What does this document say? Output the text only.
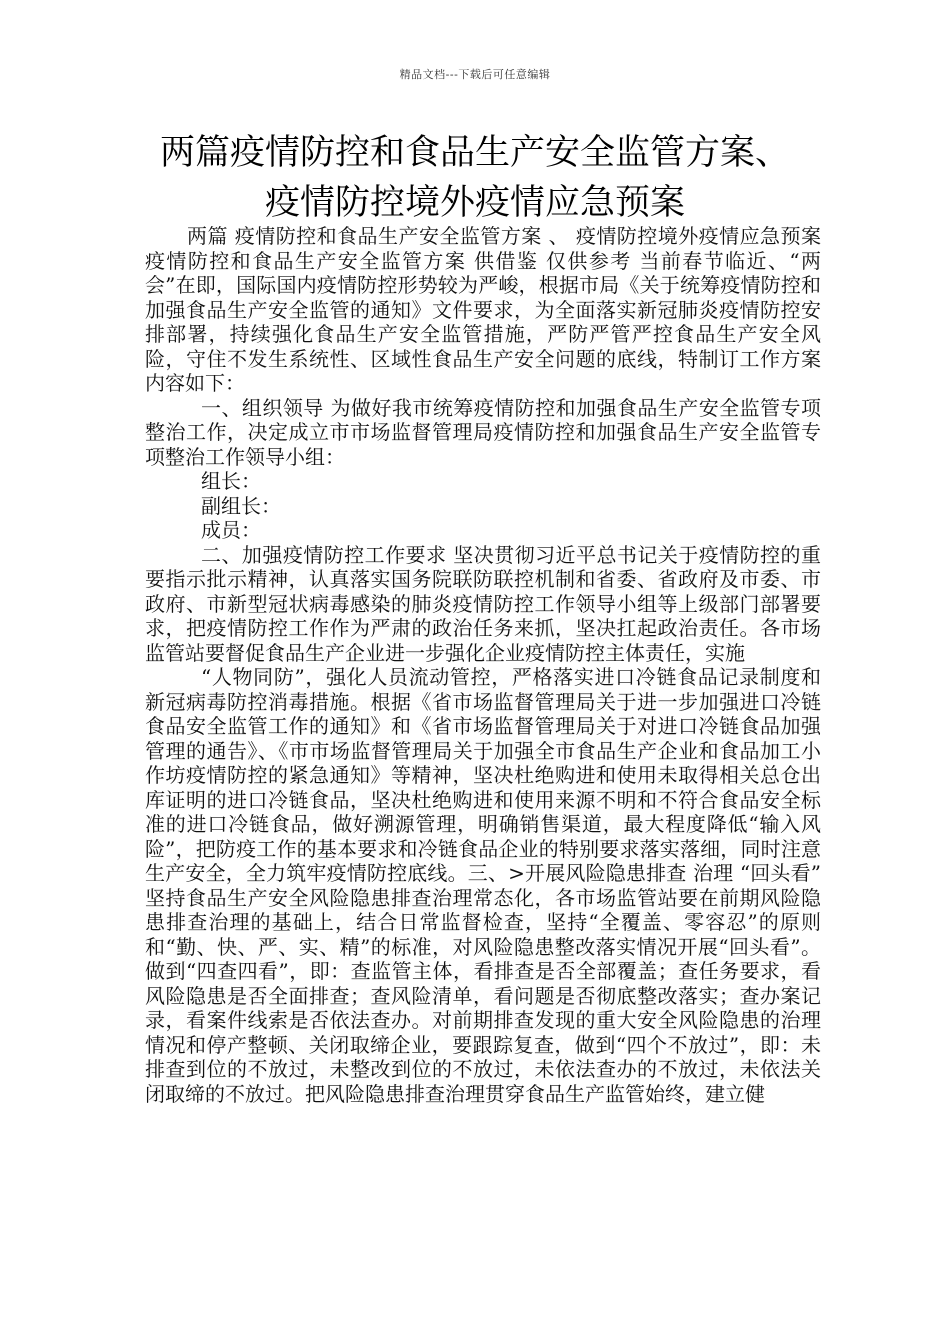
精品文档---下载后可任意编辑
两篇疫情防控和食品生产安全监管方案、
疫情防控境外疫情应急预案

两篇 疫情防控和食品生产安全监管方案 、 疫情防控境外疫情应急预案 疫情防控和食品生产安全监管方案 供借鉴 仅供参考 当前春节临近、“两会”在即，国际国内疫情防控形势较为严峻，根据市局《关于统筹疫情防控和加强食品生产安全监管的通知》文件要求，为全面落实新冠肺炎疫情防控安排部署，持续强化食品生产安全监管措施，严防严管严控食品生产安全风险，守住不发生系统性、区域性食品生产安全问题的底线，特制订工作方案内容如下：

一、组织领导 为做好我市统筹疫情防控和加强食品生产安全监管专项整治工作，决定成立市市场监督管理局疫情防控和加强食品生产安全监管专项整治工作领导小组：

组长：

副组长：

成员：

二、加强疫情防控工作要求 坚决贯彻习近平总书记关于疫情防控的重要指示批示精神，认真落实国务院联防联控机制和省委、省政府及市委、市政府、市新型冠状病毒感染的肺炎疫情防控工作领导小组等上级部门部署要求，把疫情防控工作作为严肃的政治任务来抓，坚决扛起政治责任。各市场监管站要督促食品生产企业进一步强化企业疫情防控主体责任，实施

“人物同防”，强化人员流动管控，严格落实进口冷链食品记录制度和新冠病毒防控消毒措施。根据《省市场监督管理局关于进一步加强进口冷链食品安全监管工作的通知》和《省市场监督管理局关于对进口冷链食品加强管理的通告》、《市市场监督管理局关于加强全市食品生产企业和食品加工小作坊疫情防控的紧急通知》等精神，坚决杜绝购进和使用未取得相关总仓出库证明的进口冷链食品，坚决杜绝购进和使用来源不明和不符合食品安全标准的进口冷链食品，做好溯源管理，明确销售渠道，最大程度降低“输入风险”，把防疫工作的基本要求和冷链食品企业的特别要求落实落细，同时注意生产安全，全力筑牢疫情防控底线。三、>开展风险隐患排查 治理 “回头看” 坚持食品生产安全风险隐患排查治理常态化，各市场监管站要在前期风险隐患排查治理的基础上，结合日常监督检查，坚持“全覆盖、零容忍”的原则和“勤、快、严、实、精”的标准，对风险隐患整改落实情况开展“回头看”。做到“四查四看”，即：查监管主体，看排查是否全部覆盖；查任务要求，看风险隐患是否全面排查；查风险清单，看问题是否彻底整改落实；查办案记录，看案件线索是否依法查办。对前期排查发现的重大安全风险隐患的治理情况和停产整顿、关闭取缔企业，要跟踪复查，做到“四个不放过”，即：未排查到位的不放过，未整改到位的不放过，未依法查办的不放过，未依法关闭取缔的不放过。把风险隐患排查治理贯穿食品生产监管始终，建立健
